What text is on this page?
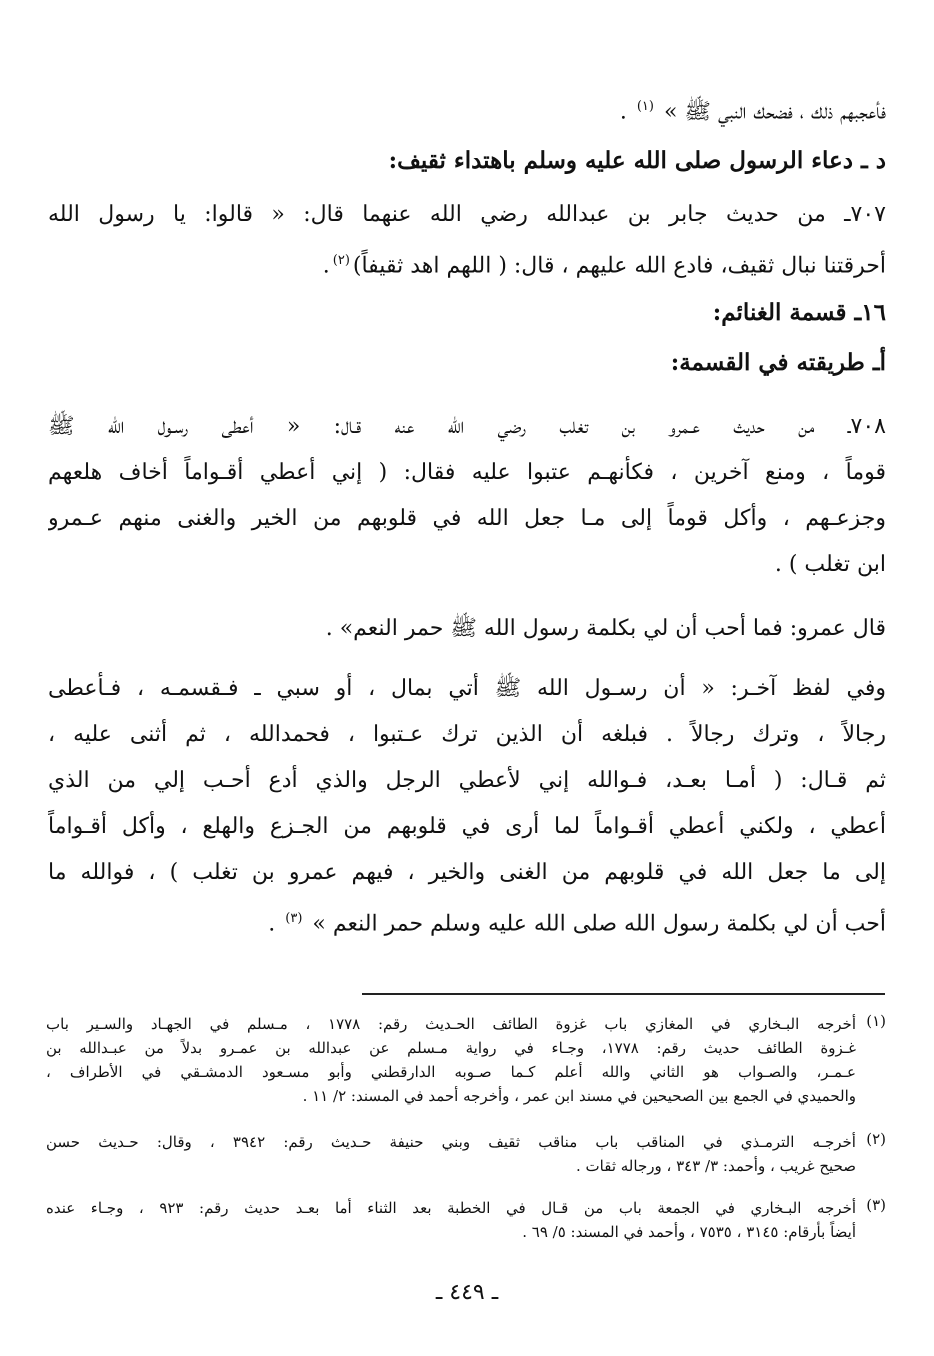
فأعجبهم ذلك ، فضحك النبي ﷺ » $^{(١)}$ .
د ـ دعاء الرسول صلى الله عليه وسلم باهتداء ثقيف:
٧٠٧ـ من حديث جابر بن عبدالله رضي الله عنهما قال: « قالوا: يا رسول الله
أحرقتنا نبال ثقيف، فادع الله عليهم ، قال: ( اللهم اهد ثقيفاً)$^{(٢)}$.
١٦ـ قسمة الغنائم:
أـ طريقته في القسمة:
٧٠٨ـ من حديث عـمرو بن تغلب رضي الله عنه قـال: « أعطى رسـول الله ﷺ
قوماً ، ومنع آخرين ، فكأنهـم عتبوا عليه فقال: ( إني أعطي أقـواماً أخاف هلعهم
وجزعـهم ، وأكل قوماً إلى مـا جعل الله في قلوبهم من الخير والغنى منهم عـمرو
ابن تغلب ) .
قال عمرو: فما أحب أن لي بكلمة رسول الله ﷺ حمر النعم» .
وفي لفظ آخـر: « أن رسـول الله ﷺ أتي بمال ، أو سبي ـ فـقسمـه ، فـأعطى
رجالاً ، وترك رجالاً . فبلغه أن الذين ترك عـتبوا ، فحمدالله ، ثم أثنى عليه ،
ثم قـال: ( أمـا بعـد، فـوالله إني لأعطي الرجل والذي أدع أحـب إلي من الذي
أعطي ، ولكني أعطي أقـواماً لما أرى في قلوبهم من الجـزع والهلع ، وأكل أقـواماً
إلى ما جعل الله في قلوبهم من الغنى والخير ، فيهم عمرو بن تغلب ) ، فوالله ما
أحب أن لي بكلمة رسول الله صلى الله عليه وسلم حمر النعم » $^{(٣)}$ .
(١)
أخرجه البـخاري في المغازي باب غزوة الطائف الحـديث رقم: ١٧٧٨ ، مـسلم في الجهـاد والسـير باب
غـزوة الطائف حديث رقم: ١٧٧٨، وجـاء في رواية مـسلم عن عبدالله بن عمـرو بدلاً من عبـدالله بن
عـمـر، والصـواب هو الثاني والله أعلم كـما صـوبه الدارقطني وأبو مسـعود الدمشـقي في الأطراف ،
والحميدي في الجمع بين الصحيحين في مسند ابن عمر ، وأخرجه أحمد في المسند: ٢/ ١١ .
(٢)
أخرجـه الترمـذي في المناقب باب مناقب ثقيف وبني حنيفة حـديث رقم: ٣٩٤٢ ، وقال: حـديث حسن
صحيح غريب ، وأحمد: ٣/ ٣٤٣ ، ورجاله ثقات .
(٣)
أخرجه البـخاري في الجمعة باب من قـال في الخطبة بعد الثناء أما بعـد حديث رقم: ٩٢٣ ، وجـاء عنده
أيضاً بأرقام: ٣١٤٥ ، ٧٥٣٥ ، وأحمد في المسند: ٥/ ٦٩ .
ـ ٤٤٩ ـ
